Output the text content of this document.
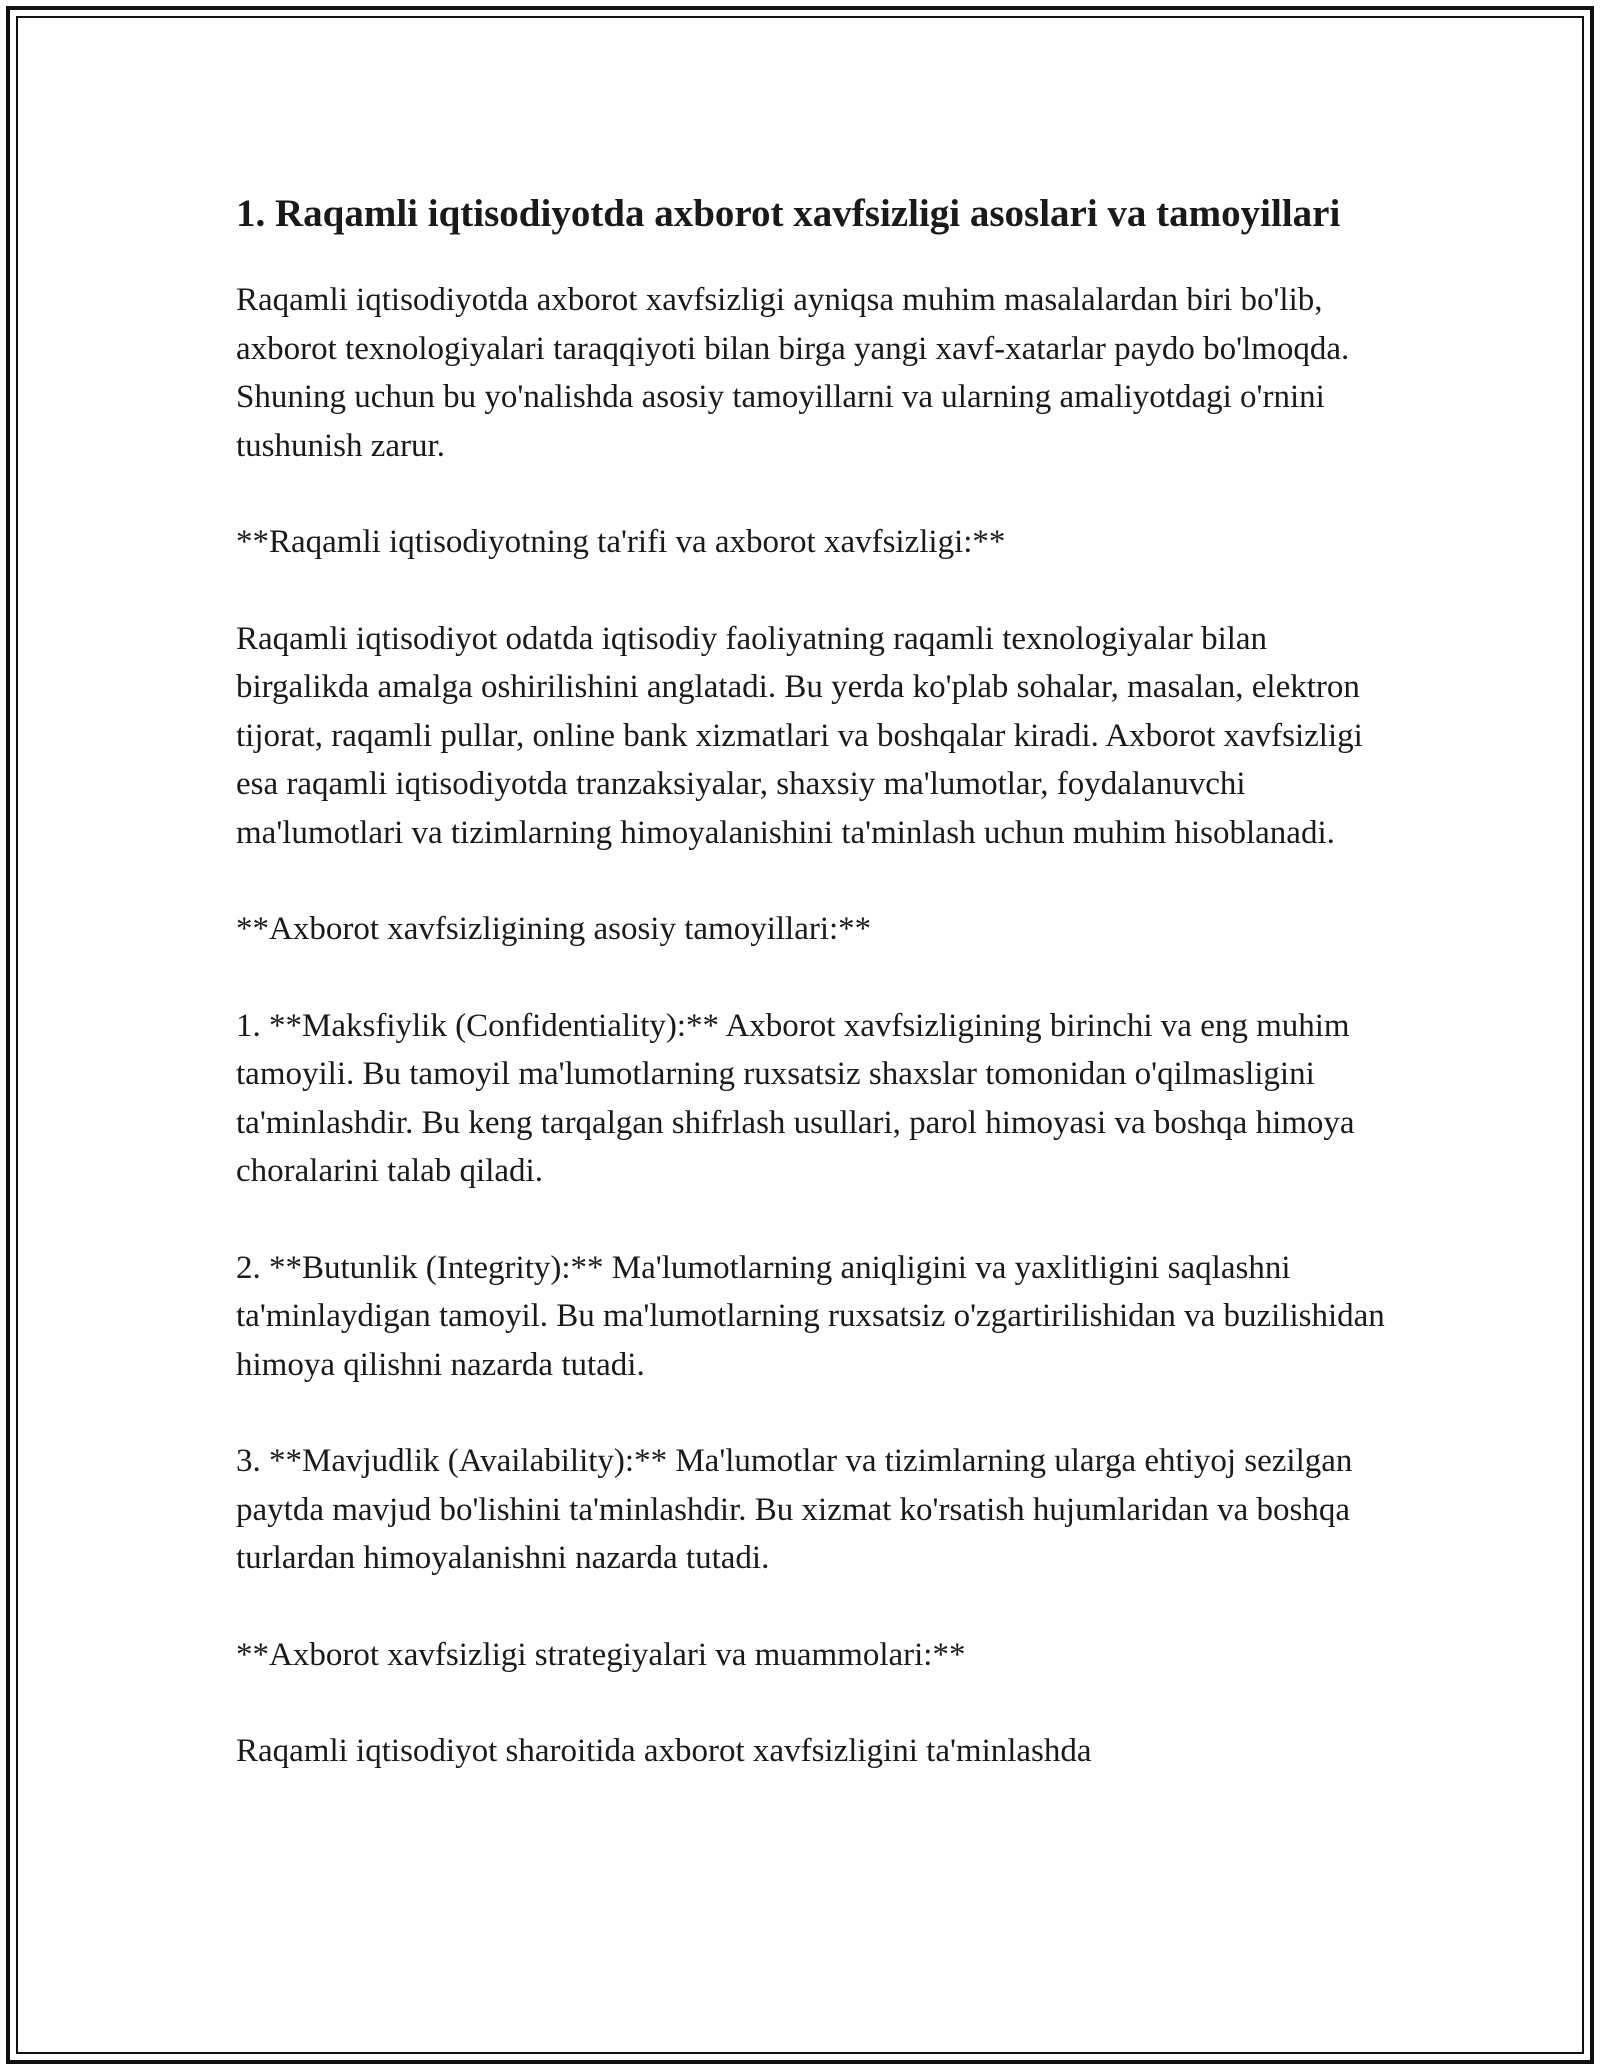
1. Raqamli iqtisodiyotda axborot xavfsizligi asoslari va tamoyillari

Raqamli iqtisodiyotda axborot xavfsizligi ayniqsa muhim masalalardan biri bo'lib, axborot texnologiyalari taraqqiyoti bilan birga yangi xavf-xatarlar paydo bo'lmoqda. Shuning uchun bu yo'nalishda asosiy tamoyillarni va ularning amaliyotdagi o'rnini tushunish zarur.

**Raqamli iqtisodiyotning ta'rifi va axborot xavfsizligi:**

Raqamli iqtisodiyot odatda iqtisodiy faoliyatning raqamli texnologiyalar bilan birgalikda amalga oshirilishini anglatadi. Bu yerda ko'plab sohalar, masalan, elektron tijorat, raqamli pullar, online bank xizmatlari va boshqalar kiradi. Axborot xavfsizligi esa raqamli iqtisodiyotda tranzaksiyalar, shaxsiy ma'lumotlar, foydalanuvchi ma'lumotlari va tizimlarning himoyalanishini ta'minlash uchun muhim hisoblanadi.

**Axborot xavfsizligining asosiy tamoyillari:**

1. **Maksfiylik (Confidentiality):** Axborot xavfsizligining birinchi va eng muhim tamoyili. Bu tamoyil ma'lumotlarning ruxsatsiz shaxslar tomonidan o'qilmasligini ta'minlashdir. Bu keng tarqalgan shifrlash usullari, parol himoyasi va boshqa himoya choralarini talab qiladi.

2. **Butunlik (Integrity):** Ma'lumotlarning aniqligini va yaxlitligini saqlashni ta'minlaydigan tamoyil. Bu ma'lumotlarning ruxsatsiz o'zgartirilishidan va buzilishidan himoya qilishni nazarda tutadi.

3. **Mavjudlik (Availability):** Ma'lumotlar va tizimlarning ularga ehtiyoj sezilgan paytda mavjud bo'lishini ta'minlashdir. Bu xizmat ko'rsatish hujumlaridan va boshqa turlardan himoyalanishni nazarda tutadi.

**Axborot xavfsizligi strategiyalari va muammolari:**

Raqamli iqtisodiyot sharoitida axborot xavfsizligini ta'minlashda
